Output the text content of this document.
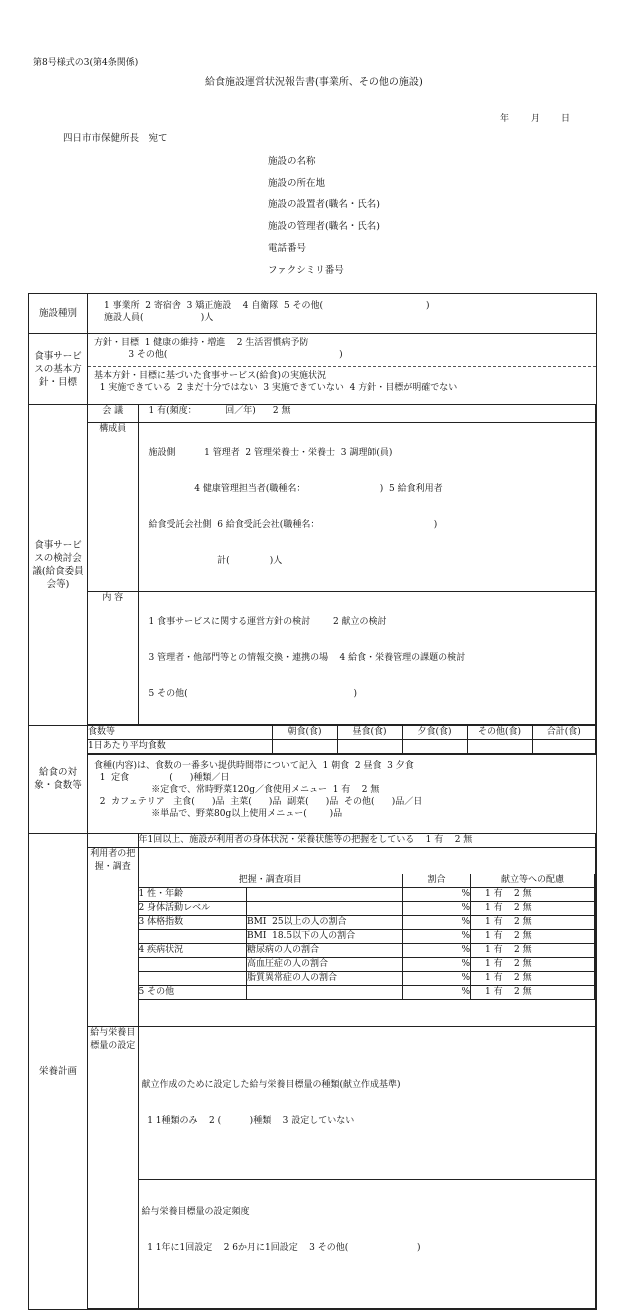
第8号様式の3(第4条関係)
給食施設運営状況報告書(事業所、その他の施設)
年 月 日
四日市市保健所長　宛て
施設の名称
施設の所在地
施設の設置者(職名・氏名)
施設の管理者(職名・氏名)
電話番号
ファクシミリ番号
施設種別	
1 事業所  2 寄宿舎  3 矯正施設    4 自衛隊  5 その他(                                    )
施設人員(                    )人

食事サービスの基本方針・目標	
方針・目標  1 健康の維持・増進    2 生活習慣病予防
3 その他(                                                            )
基本方針・目標に基づいた食事サービス(給食)の実施状況
1 実施できている  2 まだ十分ではない  3 実施できていない  4 方針・目標が明確でない

食事サービスの検討会議(給食委員会等)	
会 議	1 有(頻度：          回／年)      2 無
構成員	

施設側          1 管理者  2 管理栄養士・栄養士  3 調理師(員)

4 健康管理担当者(職種名：                          )  5 給食利用者

給食受託会社側  6 給食受託会社(職種名：                                        )

計(              )人

内 容	

1 食事サービスに関する運営方針の検討        2 献立の検討

3 管理者・他部門等との情報交換・連携の場    4 給食・栄養管理の課題の検討

5 その他(                                                          )

給食の対象・食数等	
食数等	朝食(食)	昼食(食)	夕食(食)	その他(食)	合計(食)
1日あたり平均食数					
食種(内容)は、食数の一番多い提供時間帯について記入  1 朝食  2 昼食  3 夕食
1  定食              (      )種類／日
※定食で、常時野菜120g／食使用メニュー  1 有    2 無
2  カフェテリア   主食(      )品  主菜(      )品  副菜(      )品  その他(      )品／日
※単品で、野菜80g以上使用メニュー(        )品

栄養計画	
	年1回以上、施設が利用者の身体状況・栄養状態等の把握をしている    1 有    2 無
利用者の把握・調査	

把握・調査項目	割合	献立等への配慮
1 性・年齢		%	1 有    2 無
2 身体活動レベル		%	1 有    2 無
3 体格指数	BMI  25以上の人の割合	%	1 有    2 無
	BMI  18.5以下の人の割合	%	1 有    2 無
4 疾病状況	糖尿病の人の割合	%	1 有    2 無
	高血圧症の人の割合	%	1 有    2 無
	脂質異常症の人の割合	%	1 有    2 無
5 その他		%	1 有    2 無

給与栄養目標量の設定	

献立作成のために設定した給与栄養目標量の種類(献立作成基準)

1 1種類のみ    2 (          )種類    3 設定していない

給与栄養目標量の設定頻度

1 1年に1回設定    2 6か月に1回設定    3 その他(                        )
